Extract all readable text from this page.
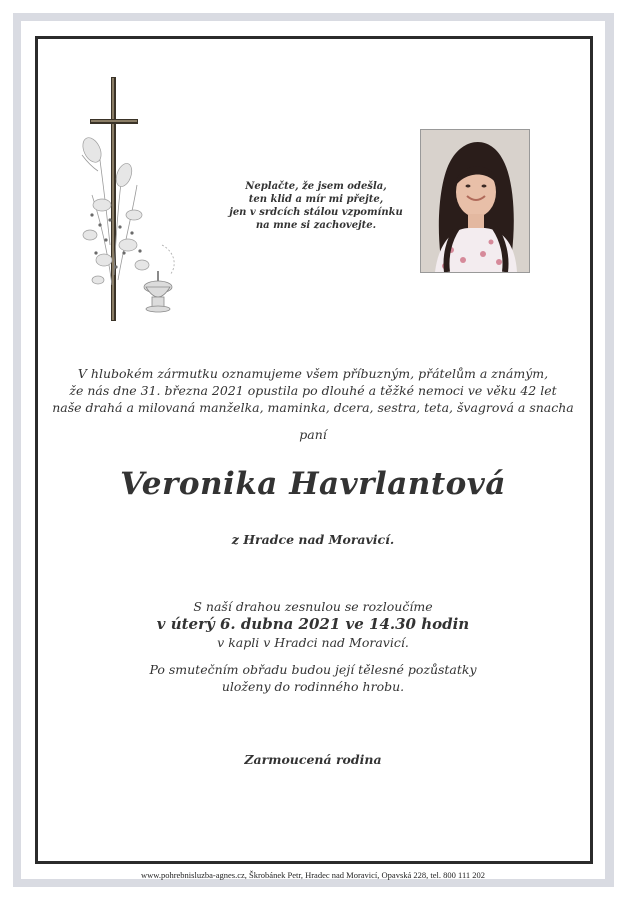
Neplačte, že jsem odešla,
ten klid a mír mi přejte,
jen v srdcích stálou vzpomínku
na mne si zachovejte.
V hlubokém zármutku oznamujeme všem příbuzným, přátelům a známým,
že nás dne 31. března 2021 opustila po dlouhé a těžké nemoci ve věku 42 let
naše drahá a milovaná manželka, maminka, dcera, sestra, teta, švagrová a snacha
paní
Veronika Havrlantová
z Hradce nad Moravicí.
S naší drahou zesnulou se rozloučíme
v úterý 6. dubna 2021 ve 14.30 hodin
v kapli v Hradci nad Moravicí.
Po smutečním obřadu budou její tělesné pozůstatky
uloženy do rodinného hrobu.
Zarmoucená rodina
www.pohrebnisluzba-agnes.cz, Škrobánek Petr, Hradec nad Moravicí, Opavská 228, tel. 800 111 202
